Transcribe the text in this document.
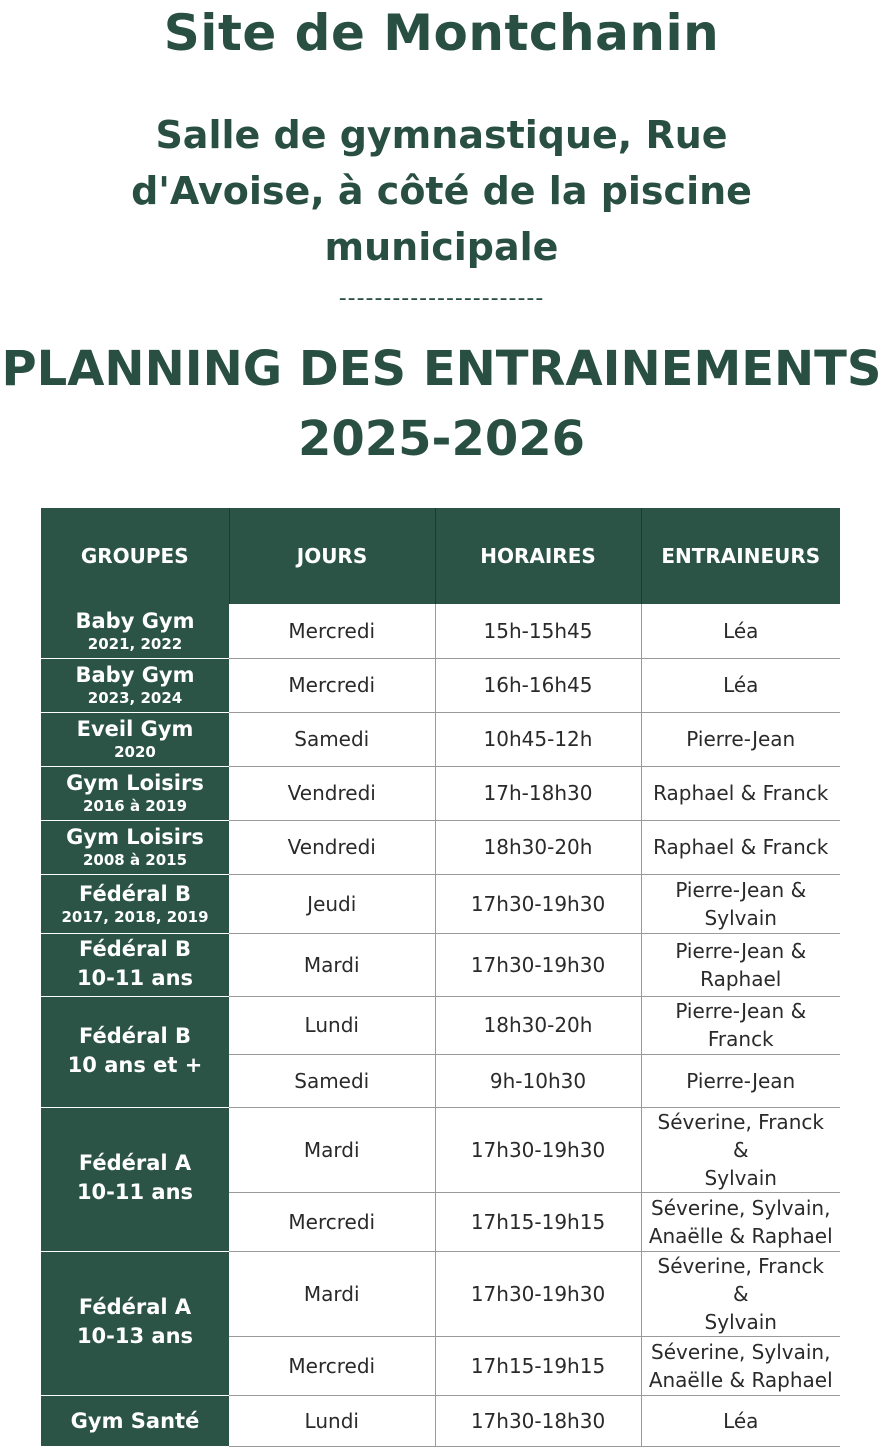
Site de Montchanin
Salle de gymnastique, Rue d'Avoise, à côté de la piscine municipale
-----------------------
PLANNING DES ENTRAINEMENTS 2025-2026
GROUPES	JOURS	HORAIRES	ENTRAINEURS

Baby Gym
2021, 2022	Mercredi	15h-15h45	Léa

Baby Gym
2023, 2024	Mercredi	16h-16h45	Léa

Eveil Gym
2020	Samedi	10h45-12h	Pierre-Jean

Gym Loisirs
2016 à 2019	Vendredi	17h-18h30	Raphael & Franck

Gym Loisirs
2008 à 2015	Vendredi	18h30-20h	Raphael & Franck

Fédéral B
2017, 2018, 2019	Jeudi	17h30-19h30	Pierre-Jean &
Sylvain

Fédéral B
10-11 ans	Mardi	17h30-19h30	Pierre-Jean &
Raphael

Fédéral B
10 ans et +	Lundi	18h30-20h	Pierre-Jean &
Franck

	Samedi	9h-10h30	Pierre-Jean

Fédéral A
10-11 ans	Mardi	17h30-19h30	Séverine, Franck &
Sylvain

	Mercredi	17h15-19h15	Séverine, Sylvain,
Anaëlle & Raphael

Fédéral A
10-13 ans	Mardi	17h30-19h30	Séverine, Franck &
Sylvain

	Mercredi	17h15-19h15	Séverine, Sylvain,
Anaëlle & Raphael

Gym Santé	Lundi	17h30-18h30	Léa
